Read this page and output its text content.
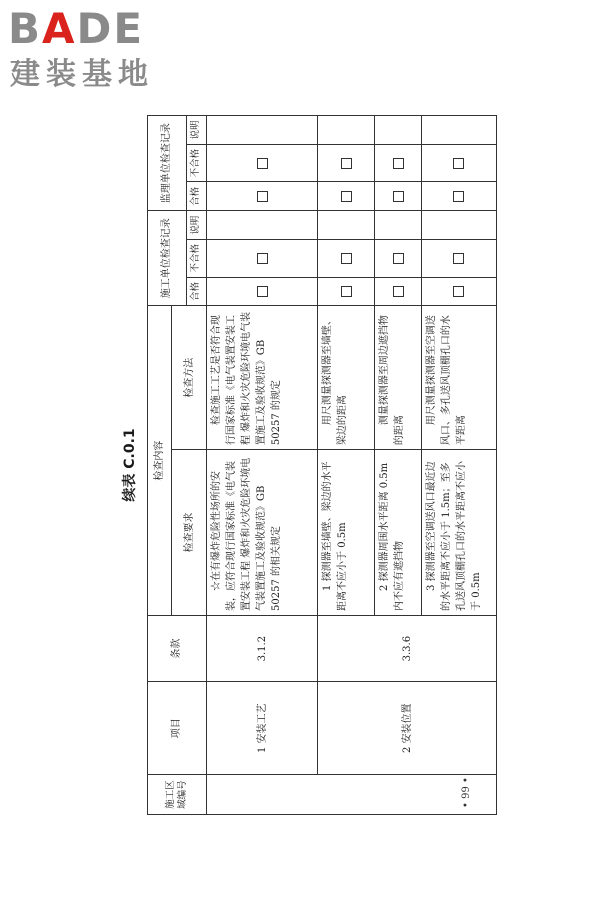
BADE
建装基地
续表 C.0.1
施工区域编号	项目	条款	检查内容		施工单位检查记录			监理单位检查记录		
			检查要求	检查方法						
					合格	不合格	说明	合格	不合格	说明
	1 安装工艺	3.1.2	☆在有爆炸危险性场所的安装，应符合现行国家标准《电气装置安装工程 爆炸和火灾危险环境电气装置施工及验收规范》GB 50257 的相关规定	检查施工工艺是否符合现行国家标准《电气装置安装工程 爆炸和火灾危险环境电气装置施工及验收规范》GB 50257 的规定						
	2 安装位置	3.3.6	1 探测器至墙壁、梁边的水平距离不应小于 0.5m	用尺测量探测器至墙壁、梁边的距离						
			2 探测器周围水平距离 0.5m 内不应有遮挡物	测量探测器至周边遮挡物的距离						
			3 探测器至空调送风口最近边的水平距离不应小于 1.5m；至多孔送风顶棚孔口的水平距离不应小于 0.5m	用尺测量探测器至空调送风口、多孔送风顶棚孔口的水平距离						
• 99 •
